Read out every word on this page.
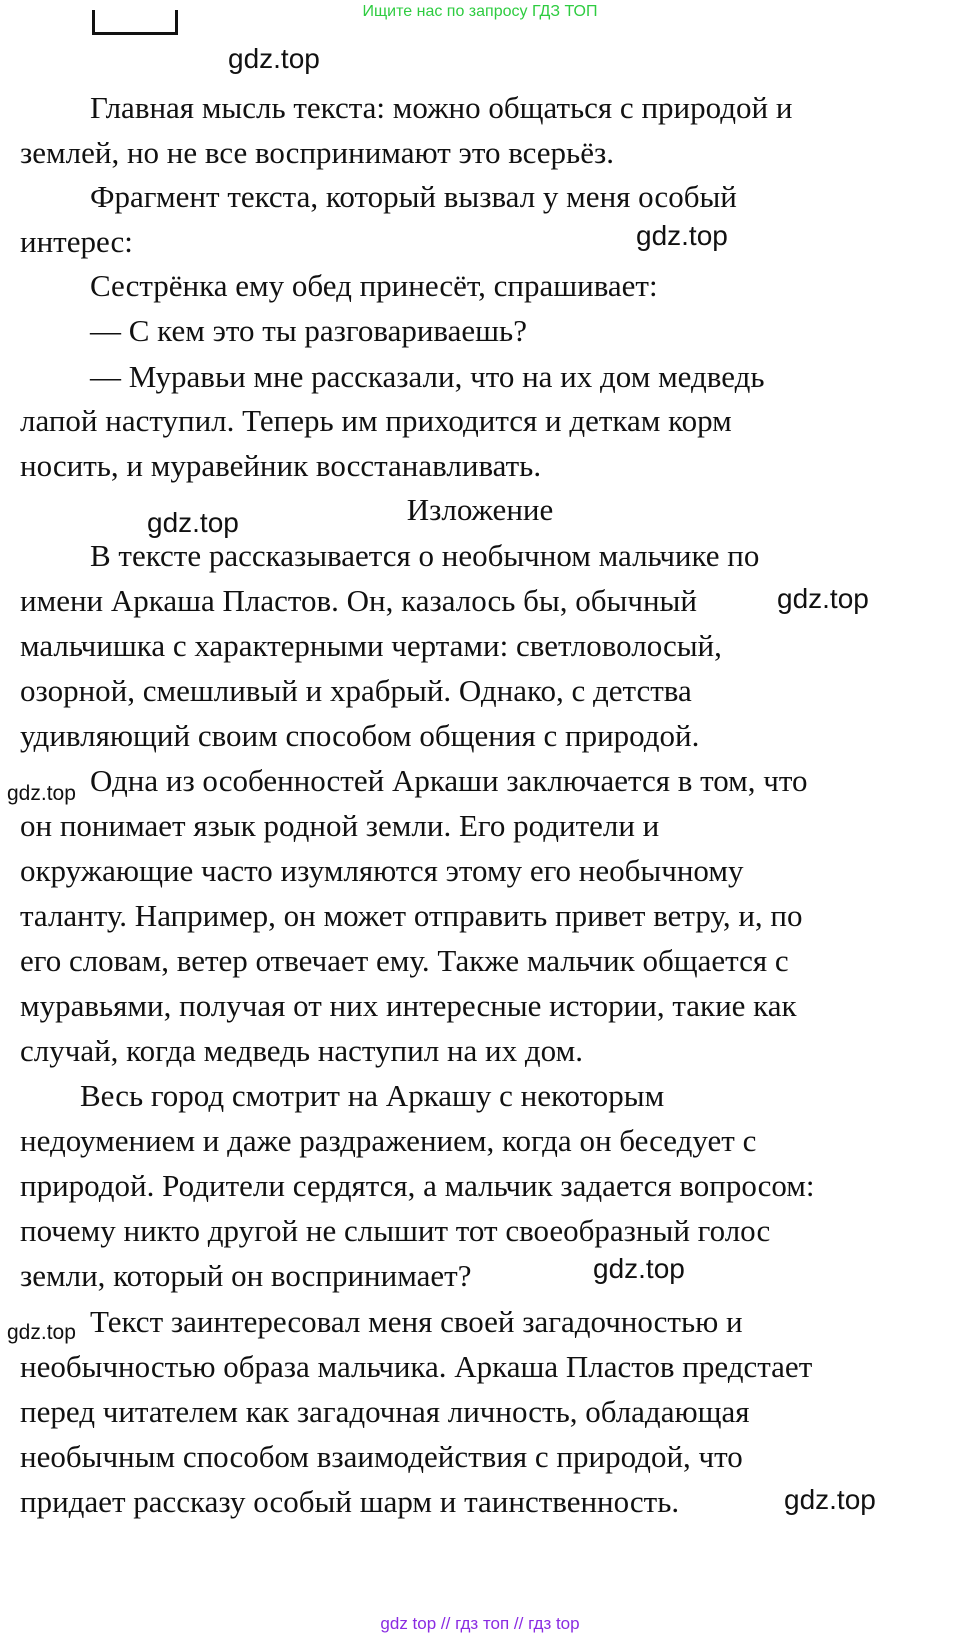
Ищите нас по запросу ГДЗ ТОП
Главная мысль текста: можно общаться с природой и
землей, но не все воспринимают это всерьёз.
Фрагмент текста, который вызвал у меня особый
интерес:
Сестрёнка ему обед принесёт, спрашивает:
— С кем это ты разговариваешь?
— Муравьи мне рассказали, что на их дом медведь
лапой наступил. Теперь им приходится и деткам корм
носить, и муравейник восстанавливать.
Изложение
В тексте рассказывается о необычном мальчике по
имени Аркаша Пластов. Он, казалось бы, обычный
мальчишка с характерными чертами: светловолосый,
озорной, смешливый и храбрый. Однако, с детства
удивляющий своим способом общения с природой.
Одна из особенностей Аркаши заключается в том, что
он понимает язык родной земли. Его родители и
окружающие часто изумляются этому его необычному
таланту. Например, он может отправить привет ветру, и, по
его словам, ветер отвечает ему. Также мальчик общается с
муравьями, получая от них интересные истории, такие как
случай, когда медведь наступил на их дом.
Весь город смотрит на Аркашу с некоторым
недоумением и даже раздражением, когда он беседует с
природой. Родители сердятся, а мальчик задается вопросом:
почему никто другой не слышит тот своеобразный голос
земли, который он воспринимает?
Текст заинтересовал меня своей загадочностью и
необычностью образа мальчика. Аркаша Пластов предстает
перед читателем как загадочная личность, обладающая
необычным способом взаимодействия с природой, что
придает рассказу особый шарм и таинственность.
gdz.top
gdz.top
gdz.top
gdz.top
gdz.top
gdz.top
gdz.top
gdz.top
gdz top // гдз топ // гдз top
